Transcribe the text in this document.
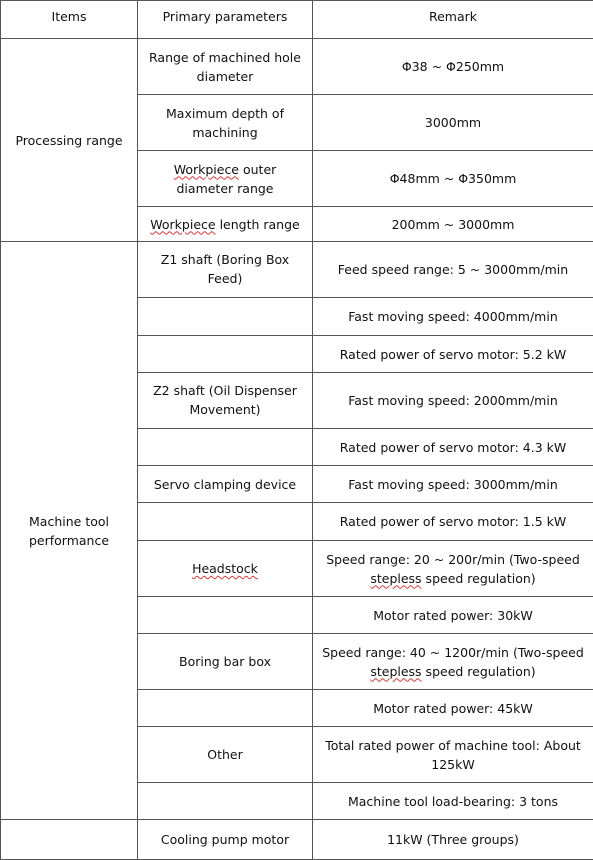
Items	Primary parameters	Remark
Processing range	Range of machined hole diameter	Φ38 ~ Φ250mm
	Maximum depth of machining	3000mm
	Workpiece outer diameter range	Φ48mm ~ Φ350mm
	Workpiece length range	200mm ~ 3000mm
Machine tool performance	Z1 shaft (Boring Box Feed)	Feed speed range: 5 ~ 3000mm/min
		Fast moving speed: 4000mm/min
		Rated power of servo motor: 5.2 kW
	Z2 shaft (Oil Dispenser Movement)	Fast moving speed: 2000mm/min
		Rated power of servo motor: 4.3 kW
	Servo clamping device	Fast moving speed: 3000mm/min
		Rated power of servo motor: 1.5 kW
	Headstock	Speed range: 20 ~ 200r/min (Two-speed stepless speed regulation)
		Motor rated power: 30kW
	Boring bar box	Speed range: 40 ~ 1200r/min (Two-speed stepless speed regulation)
		Motor rated power: 45kW
	Other	Total rated power of machine tool: About 125kW
		Machine tool load-bearing: 3 tons
	Cooling pump motor	11kW (Three groups)
